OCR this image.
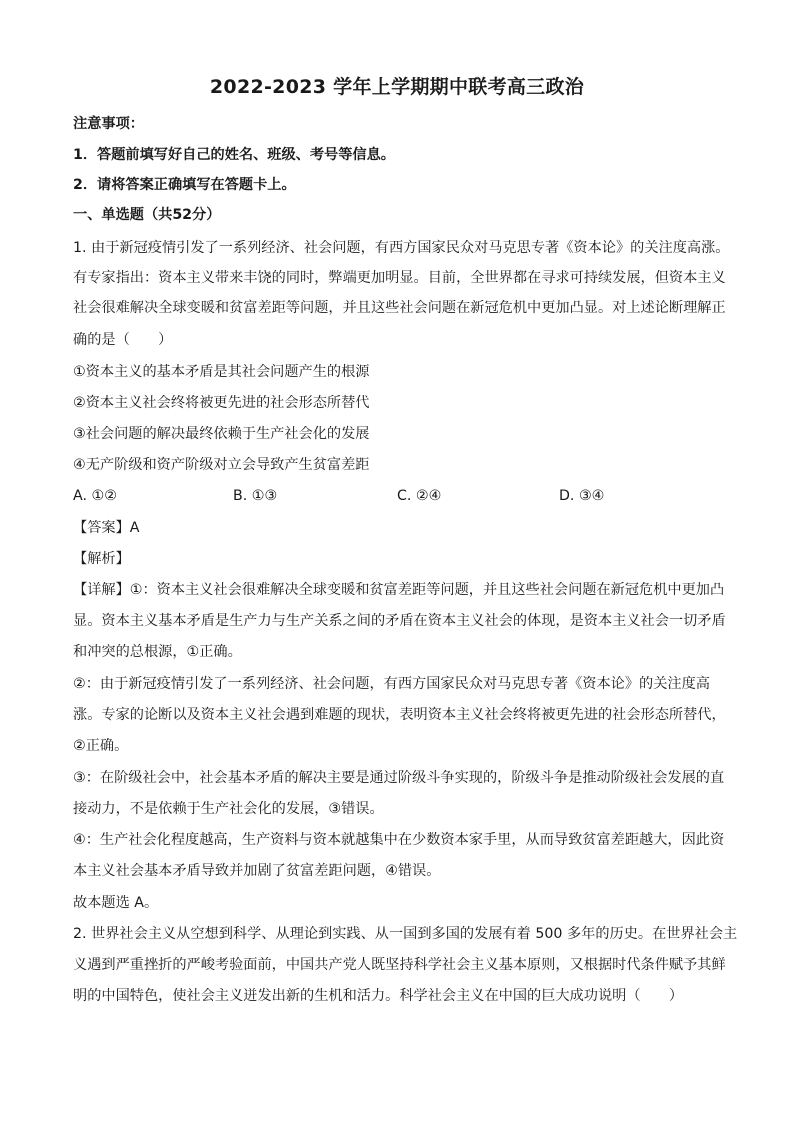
2022-2023 学年上学期期中联考高三政治
注意事项：
1．答题前填写好自己的姓名、班级、考号等信息。
2．请将答案正确填写在答题卡上。
一、单选题（共52分）
1. 由于新冠疫情引发了一系列经济、社会问题，有西方国家民众对马克思专著《资本论》的关注度高涨。
有专家指出：资本主义带来丰饶的同时，弊端更加明显。目前，全世界都在寻求可持续发展，但资本主义
社会很难解决全球变暖和贫富差距等问题，并且这些社会问题在新冠危机中更加凸显。对上述论断理解正
确的是（　　）
①资本主义的基本矛盾是其社会问题产生的根源
②资本主义社会终将被更先进的社会形态所替代
③社会问题的解决最终依赖于生产社会化的发展
④无产阶级和资产阶级对立会导致产生贫富差距
A. ①②	B. ①③	C. ②④	D. ③④
【答案】A
【解析】
【详解】①：资本主义社会很难解决全球变暖和贫富差距等问题，并且这些社会问题在新冠危机中更加凸
显。资本主义基本矛盾是生产力与生产关系之间的矛盾在资本主义社会的体现，是资本主义社会一切矛盾
和冲突的总根源，①正确。
②：由于新冠疫情引发了一系列经济、社会问题，有西方国家民众对马克思专著《资本论》的关注度高
涨。专家的论断以及资本主义社会遇到难题的现状，表明资本主义社会终将被更先进的社会形态所替代，
②正确。
③：在阶级社会中，社会基本矛盾的解决主要是通过阶级斗争实现的，阶级斗争是推动阶级社会发展的直
接动力，不是依赖于生产社会化的发展，③错误。
④：生产社会化程度越高，生产资料与资本就越集中在少数资本家手里，从而导致贫富差距越大，因此资
本主义社会基本矛盾导致并加剧了贫富差距问题，④错误。
故本题选 A。
2. 世界社会主义从空想到科学、从理论到实践、从一国到多国的发展有着 500 多年的历史。在世界社会主
义遇到严重挫折的严峻考验面前，中国共产党人既坚持科学社会主义基本原则，又根据时代条件赋予其鲜
明的中国特色，使社会主义迸发出新的生机和活力。科学社会主义在中国的巨大成功说明（　　）
